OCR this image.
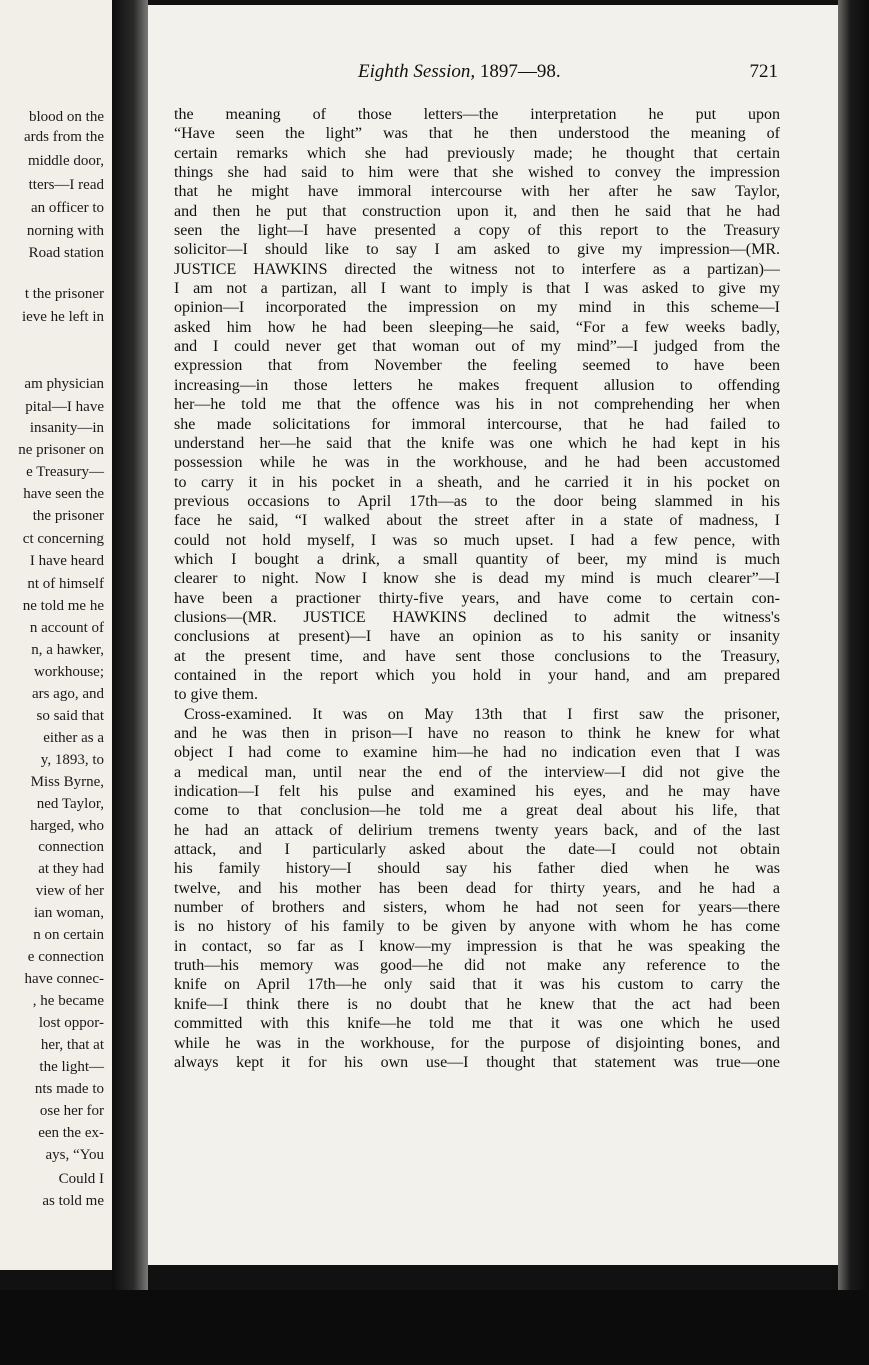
blood on the
ards from the
middle door,
tters—I read
an officer to
norning with
Road station
t the prisoner
ieve he left in
am physician
pital—I have
insanity—in
ne prisoner on
e Treasury—
have seen the
the prisoner
ct concerning
I have heard
nt of himself
ne told me he
n account of
n, a hawker,
workhouse;
ars ago, and
so said that
either as a
y, 1893, to
Miss Byrne,
ned Taylor,
harged, who
connection
at they had
view of her
ian woman,
n on certain
e connection
have connec-
, he became
lost oppor-
her, that at
the light—
nts made to
ose her for
een the ex-
ays, “You
Could I
as told me
Eighth Session, 1897—98.	721
the meaning of those letters—the interpretation he put upon
“Have seen the light” was that he then understood the meaning of
certain remarks which she had previously made; he thought that certain
things she had said to him were that she wished to convey the impression
that he might have immoral intercourse with her after he saw Taylor,
and then he put that construction upon it, and then he said that he had
seen the light—I have presented a copy of this report to the Treasury
solicitor—I should like to say I am asked to give my impression—(MR.
JUSTICE HAWKINS directed the witness not to interfere as a partizan)—
I am not a partizan, all I want to imply is that I was asked to give my
opinion—I incorporated the impression on my mind in this scheme—I
asked him how he had been sleeping—he said, “For a few weeks badly,
and I could never get that woman out of my mind”—I judged from the
expression that from November the feeling seemed to have been
increasing—in those letters he makes frequent allusion to offending
her—he told me that the offence was his in not comprehending her when
she made solicitations for immoral intercourse, that he had failed to
understand her—he said that the knife was one which he had kept in his
possession while he was in the workhouse, and he had been accustomed
to carry it in his pocket in a sheath, and he carried it in his pocket on
previous occasions to April 17th—as to the door being slammed in his
face he said, “I walked about the street after in a state of madness, I
could not hold myself, I was so much upset. I had a few pence, with
which I bought a drink, a small quantity of beer, my mind is much
clearer to night. Now I know she is dead my mind is much clearer”—I
have been a practioner thirty-five years, and have come to certain con-
clusions—(MR. JUSTICE HAWKINS declined to admit the witness's
conclusions at present)—I have an opinion as to his sanity or insanity
at the present time, and have sent those conclusions to the Treasury,
contained in the report which you hold in your hand, and am prepared
to give them.
Cross-examined. It was on May 13th that I first saw the prisoner,
and he was then in prison—I have no reason to think he knew for what
object I had come to examine him—he had no indication even that I was
a medical man, until near the end of the interview—I did not give the
indication—I felt his pulse and examined his eyes, and he may have
come to that conclusion—he told me a great deal about his life, that
he had an attack of delirium tremens twenty years back, and of the last
attack, and I particularly asked about the date—I could not obtain
his family history—I should say his father died when he was
twelve, and his mother has been dead for thirty years, and he had a
number of brothers and sisters, whom he had not seen for years—there
is no history of his family to be given by anyone with whom he has come
in contact, so far as I know—my impression is that he was speaking the
truth—his memory was good—he did not make any reference to the
knife on April 17th—he only said that it was his custom to carry the
knife—I think there is no doubt that he knew that the act had been
committed with this knife—he told me that it was one which he used
while he was in the workhouse, for the purpose of disjointing bones, and
always kept it for his own use—I thought that statement was true—one
